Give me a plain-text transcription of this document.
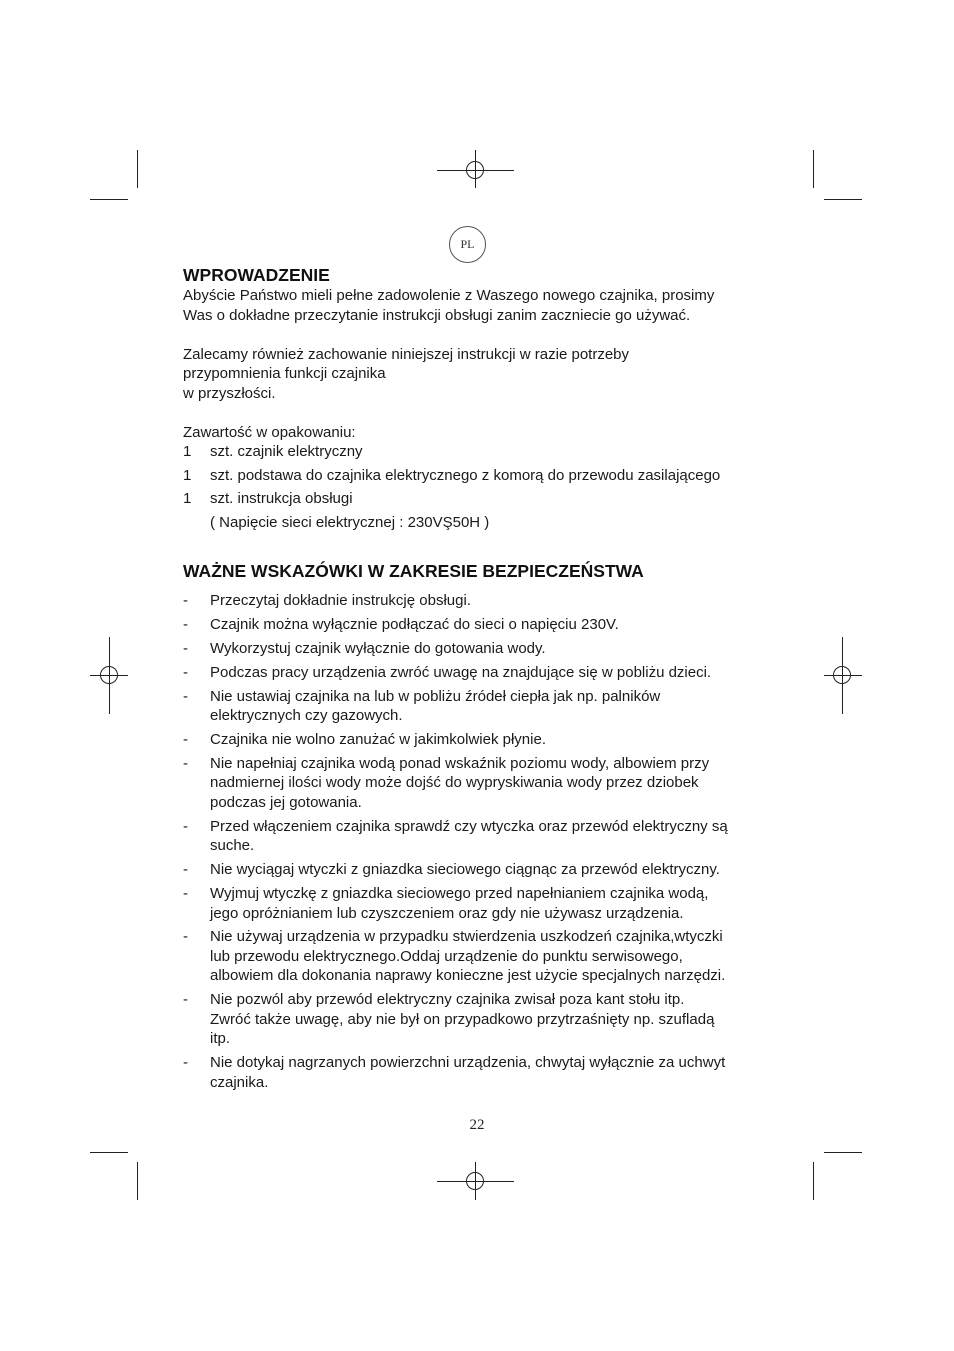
PL
WPROWADZENIE

Abyście Państwo mieli pełne zadowolenie z Waszego nowego czajnika, prosimy

Was o dokładne przeczytanie instrukcji obsługi zanim zaczniecie go używać.

Zalecamy również zachowanie niniejszej instrukcji w razie potrzeby

przypomnienia funkcji czajnika

w przyszłości.

Zawartość w opakowaniu:

1	szt. czajnik elektryczny
1	szt. podstawa do czajnika elektrycznego z komorą do przewodu zasilającego
1	szt. instrukcja obsługi

( Napięcie sieci elektrycznej : 230VŞ50H )

WAŻNE WSKAZÓWKI W ZAKRESIE BEZPIECZEŃSTWA
-	Przeczytaj dokładnie instrukcję obsługi.
-	Czajnik można wyłącznie podłączać do sieci o napięciu 230V.
-	Wykorzystuj czajnik wyłącznie do gotowania wody.
-	Podczas pracy urządzenia zwróć uwagę na znajdujące się w pobliżu dzieci.
-	Nie ustawiaj czajnika na lub w pobliżu źródeł ciepła jak np. palników
elektrycznych czy gazowych.
-	Czajnika nie wolno zanużać w jakimkolwiek płynie.
-	Nie napełniaj czajnika wodą ponad wskaźnik poziomu wody, albowiem przy
nadmiernej ilości wody może dojść do wypryskiwania wody przez dziobek
podczas jej gotowania.
-	Przed włączeniem czajnika sprawdź czy wtyczka oraz przewód elektryczny są
suche.
-	Nie wyciągaj wtyczki z gniazdka sieciowego ciągnąc za przewód elektryczny.
-	Wyjmuj wtyczkę z gniazdka sieciowego przed napełnianiem czajnika wodą,
jego opróżnianiem lub czyszczeniem oraz gdy nie używasz urządzenia.
-	Nie używaj urządzenia w przypadku stwierdzenia uszkodzeń czajnika,wtyczki
lub przewodu elektrycznego.Oddaj urządzenie do punktu serwisowego,
albowiem dla dokonania naprawy konieczne jest użycie specjalnych narzędzi.
-	Nie pozwól aby przewód elektryczny czajnika zwisał poza kant stołu itp.
Zwróć także uwagę, aby nie był on przypadkowo przytrzaśnięty np. szufladą
itp.
-	Nie dotykaj nagrzanych powierzchni urządzenia, chwytaj wyłącznie za uchwyt
czajnika.
22
